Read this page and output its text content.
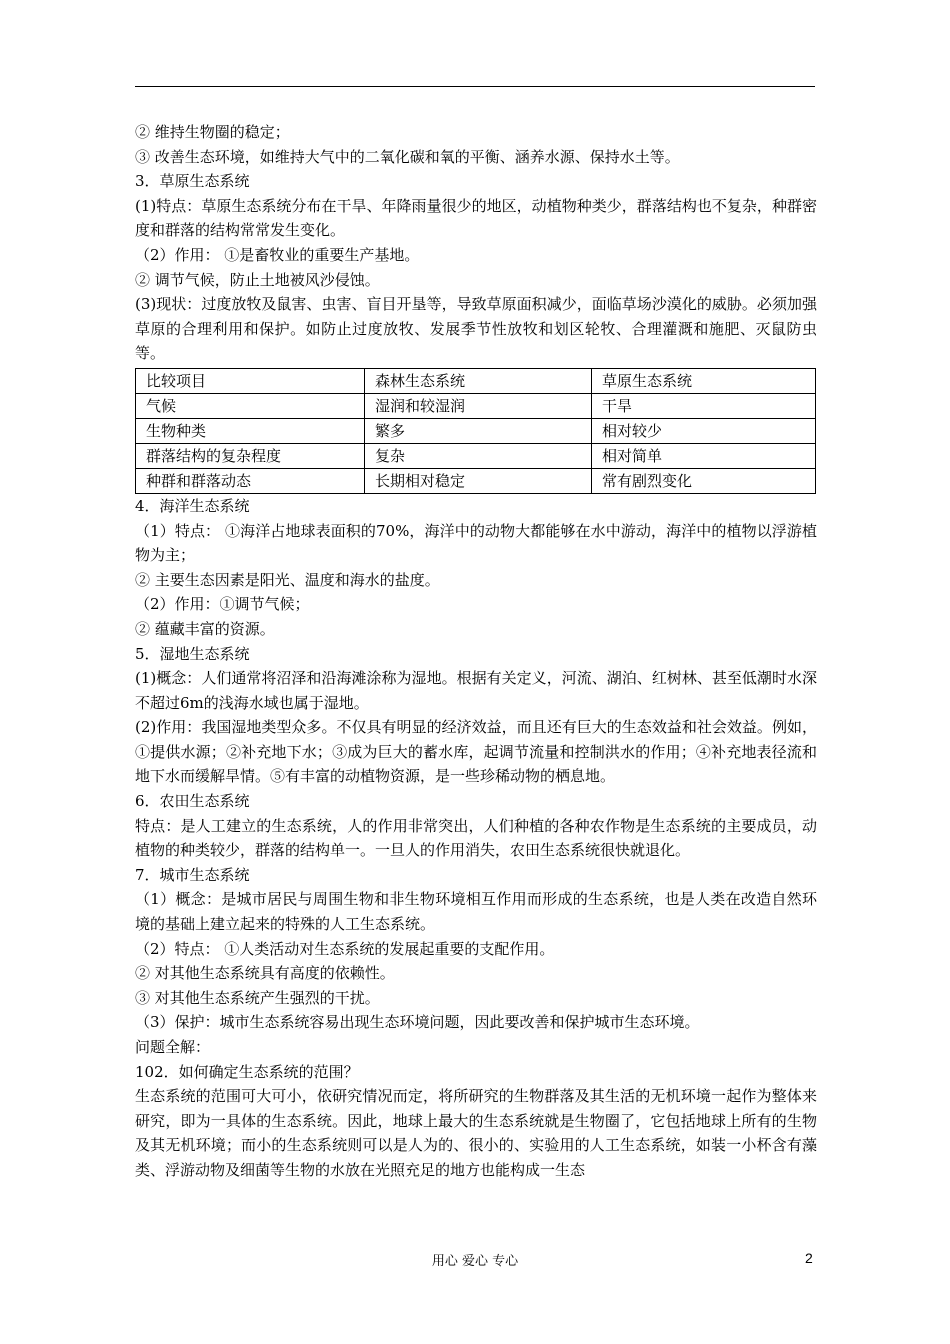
② 维持生物圈的稳定；

③ 改善生态环境，如维持大气中的二氧化碳和氧的平衡、涵养水源、保持水土等。

3．草原生态系统

(1)特点：草原生态系统分布在干旱、年降雨量很少的地区，动植物种类少，群落结构也不复杂，种群密度和群落的结构常常发生变化。

（2）作用： ①是畜牧业的重要生产基地。

② 调节气候，防止土地被风沙侵蚀。

(3)现状：过度放牧及鼠害、虫害、盲目开垦等，导致草原面积减少，面临草场沙漠化的威胁。必须加强草原的合理利用和保护。如防止过度放牧、发展季节性放牧和划区轮牧、合理灌溉和施肥、灭鼠防虫等。

比较项目	森林生态系统	草原生态系统
气候	湿润和较湿润	干旱
生物种类	繁多	相对较少
群落结构的复杂程度	复杂	相对简单
种群和群落动态	长期相对稳定	常有剧烈变化

4．海洋生态系统

（1）特点： ①海洋占地球表面积的70%，海洋中的动物大都能够在水中游动，海洋中的植物以浮游植物为主；

② 主要生态因素是阳光、温度和海水的盐度。

（2）作用：①调节气候；

② 蕴藏丰富的资源。

5．湿地生态系统

(1)概念：人们通常将沼泽和沿海滩涂称为湿地。根据有关定义，河流、湖泊、红树林、甚至低潮时水深不超过6m的浅海水域也属于湿地。

(2)作用：我国湿地类型众多。不仅具有明显的经济效益，而且还有巨大的生态效益和社会效益。例如，①提供水源；②补充地下水；③成为巨大的蓄水库，起调节流量和控制洪水的作用；④补充地表径流和地下水而缓解旱情。⑤有丰富的动植物资源，是一些珍稀动物的栖息地。

6．农田生态系统

特点：是人工建立的生态系统，人的作用非常突出，人们种植的各种农作物是生态系统的主要成员，动植物的种类较少，群落的结构单一。一旦人的作用消失，农田生态系统很快就退化。

7．城市生态系统

（1）概念：是城市居民与周围生物和非生物环境相互作用而形成的生态系统，也是人类在改造自然环境的基础上建立起来的特殊的人工生态系统。

（2）特点： ①人类活动对生态系统的发展起重要的支配作用。

② 对其他生态系统具有高度的依赖性。

③ 对其他生态系统产生强烈的干扰。

（3）保护：城市生态系统容易出现生态环境问题，因此要改善和保护城市生态环境。

问题全解：

102．如何确定生态系统的范围？

生态系统的范围可大可小，依研究情况而定，将所研究的生物群落及其生活的无机环境一起作为整体来研究，即为一具体的生态系统。因此，地球上最大的生态系统就是生物圈了，它包括地球上所有的生物及其无机环境；而小的生态系统则可以是人为的、很小的、实验用的人工生态系统，如装一小杯含有藻类、浮游动物及细菌等生物的水放在光照充足的地方也能构成一生态

用心 爱心 专心	2
